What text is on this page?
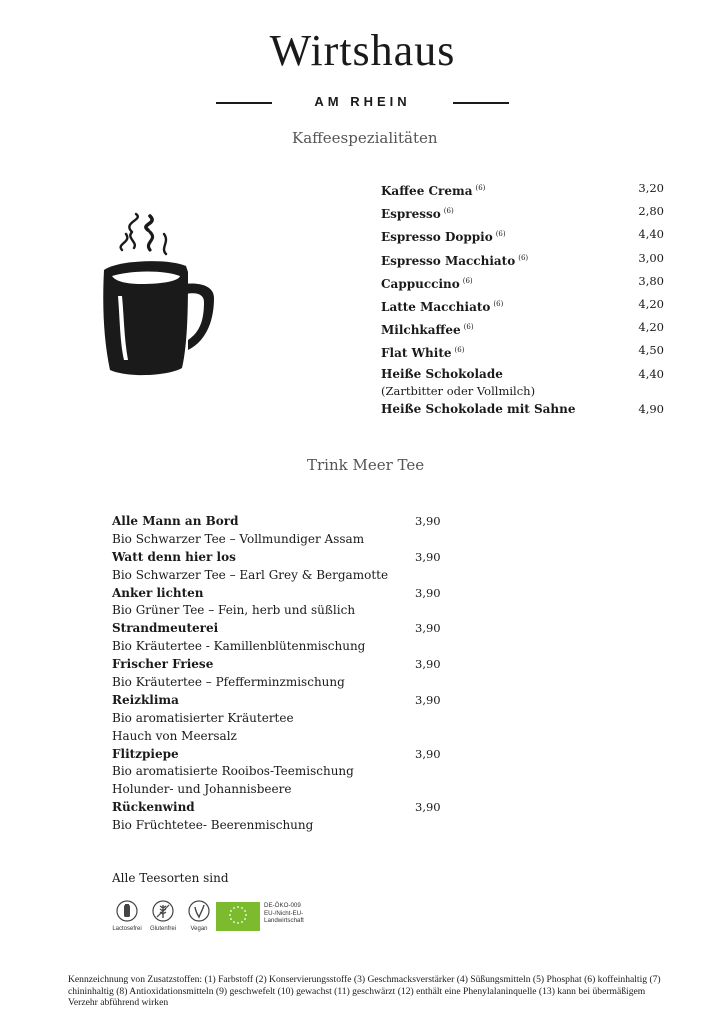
Wirtshaus
AM RHEIN
Kaffeespezialitäten
Kaffee Crema $^{(6)}$	3,20
Espresso $^{(6)}$	2,80
Espresso Doppio $^{(6)}$	4,40
Espresso Macchiato $^{(6)}$	3,00
Cappuccino $^{(6)}$	3,80
Latte Macchiato $^{(6)}$	4,20
Milchkaffee $^{(6)}$	4,20
Flat White $^{(6)}$	4,50
Heiße Schokolade	4,40
(Zartbitter oder Vollmilch)
Heiße Schokolade mit Sahne	4,90
Trink Meer Tee
Alle Mann an Bord	3,90
Bio Schwarzer Tee – Vollmundiger Assam
Watt denn hier los	3,90
Bio Schwarzer Tee – Earl Grey & Bergamotte
Anker lichten	3,90
Bio Grüner Tee – Fein, herb und süßlich
Strandmeuterei	3,90
Bio Kräutertee - Kamillenblütenmischung
Frischer Friese	3,90
Bio Kräutertee – Pfefferminzmischung
Reizklima	3,90
Bio aromatisierter Kräutertee
Hauch von Meersalz
Flitzpiepe	3,90
Bio aromatisierte Rooibos-Teemischung
Holunder- und Johannisbeere
Rückenwind	3,90
Bio Früchtetee- Beerenmischung
Alle Teesorten sind
Lactosefrei	Glutenfrei	Vegan
DE-ÖKO-009
EU-/Nicht-EU-
Landwirtschaft
Kennzeichnung von Zusatzstoffen: (1) Farbstoff (2) Konservierungsstoffe (3) Geschmacksverstärker (4) Süßungsmitteln (5) Phosphat (6) koffeinhaltig (7) chininhaltig (8) Antioxidationsmitteln (9) geschwefelt (10) gewachst (11) geschwärzt (12) enthält eine Phenylalaninquelle (13) kann bei übermäßigem Verzehr abführend wirken
